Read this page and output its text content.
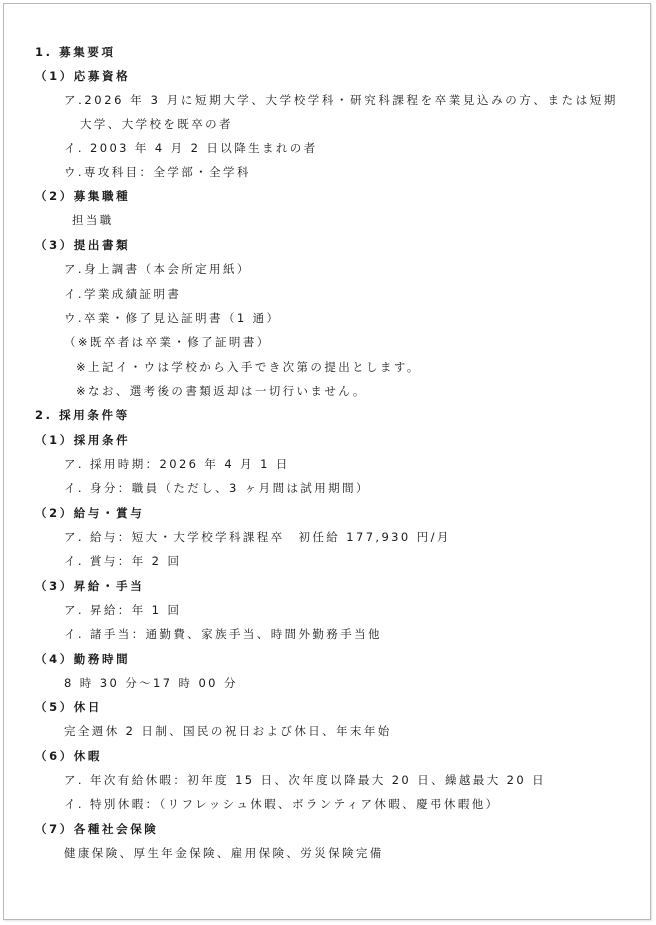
1. 募集要項
（1）応募資格
ア.2026 年 3 月に短期大学、大学校学科・研究科課程を卒業見込みの方、または短期
大学、大学校を既卒の者
イ. 2003 年 4 月 2 日以降生まれの者
ウ.専攻科目：全学部・全学科
（2）募集職種
担当職
（3）提出書類
ア.身上調書（本会所定用紙）
イ.学業成績証明書
ウ.卒業・修了見込証明書（1 通）
（※既卒者は卒業・修了証明書）
※上記イ・ウは学校から入手でき次第の提出とします。
※なお、選考後の書類返却は一切行いません。
2. 採用条件等
（1）採用条件
ア. 採用時期：2026 年 4 月 1 日
イ. 身分：職員（ただし、3 ヶ月間は試用期間）
（2）給与・賞与
ア. 給与：短大・大学校学科課程卒　初任給 177,930 円/月
イ. 賞与：年 2 回
（3）昇給・手当
ア. 昇給：年 1 回
イ. 諸手当：通勤費、家族手当、時間外勤務手当他
（4）勤務時間
8 時 30 分～17 時 00 分
（5）休日
完全週休 2 日制、国民の祝日および休日、年末年始
（6）休暇
ア. 年次有給休暇：初年度 15 日、次年度以降最大 20 日、繰越最大 20 日
イ. 特別休暇：（リフレッシュ休暇、ボランティア休暇、慶弔休暇他）
（7）各種社会保険
健康保険、厚生年金保険、雇用保険、労災保険完備
